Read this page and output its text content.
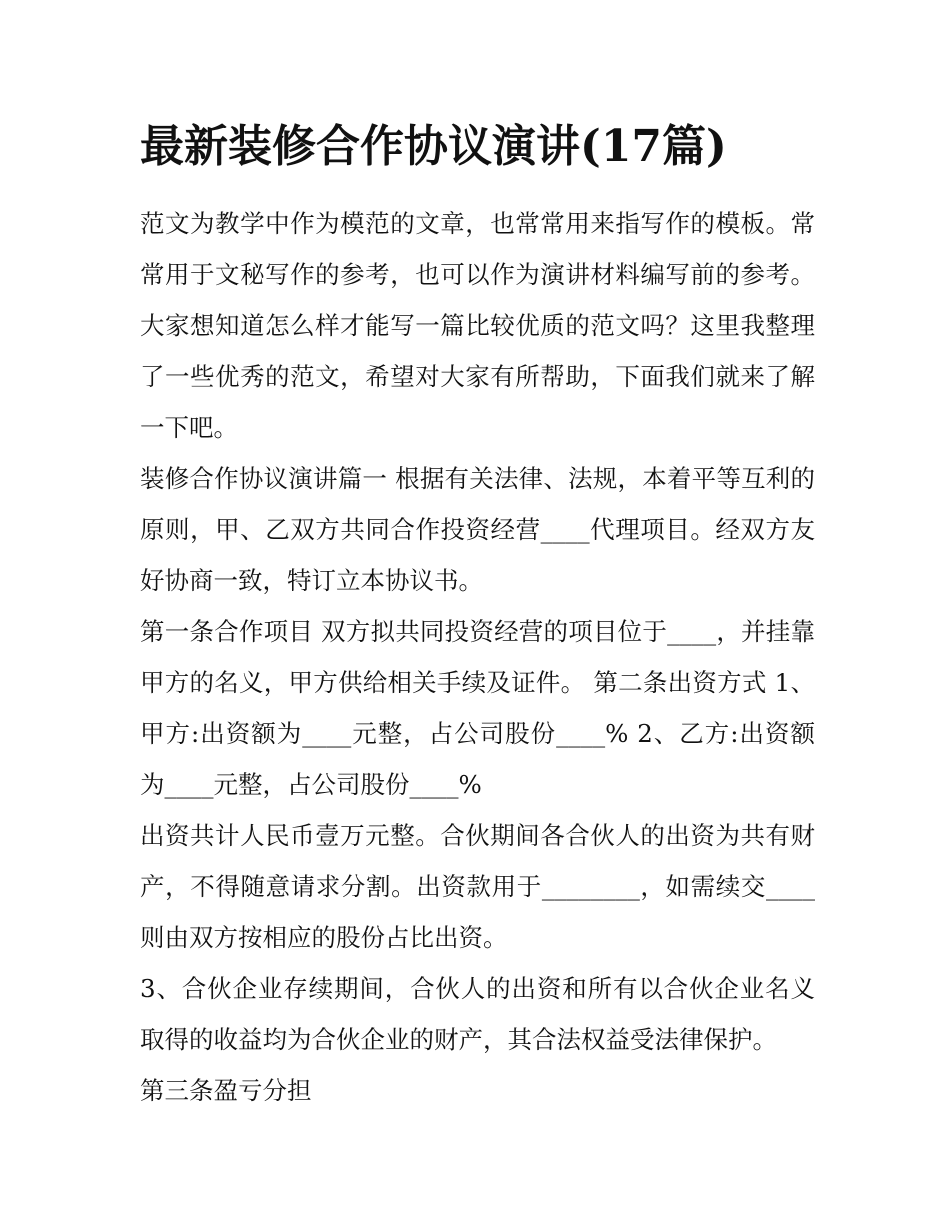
最新装修合作协议演讲(17篇)

范文为教学中作为模范的文章，也常常用来指写作的模板。常常用于文秘写作的参考，也可以作为演讲材料编写前的参考。大家想知道怎么样才能写一篇比较优质的范文吗？这里我整理了一些优秀的范文，希望对大家有所帮助，下面我们就来了解一下吧。

装修合作协议演讲篇一 根据有关法律、法规，本着平等互利的原则，甲、乙双方共同合作投资经营____代理项目。经双方友好协商一致，特订立本协议书。

第一条合作项目 双方拟共同投资经营的项目位于____，并挂靠甲方的名义，甲方供给相关手续及证件。 第二条出资方式 1、甲方:出资额为____元整，占公司股份____% 2、乙方:出资额为____元整，占公司股份____%

出资共计人民币壹万元整。合伙期间各合伙人的出资为共有财产，不得随意请求分割。出资款用于________，如需续交____则由双方按相应的股份占比出资。

3、合伙企业存续期间，合伙人的出资和所有以合伙企业名义取得的收益均为合伙企业的财产，其合法权益受法律保护。

第三条盈亏分担
